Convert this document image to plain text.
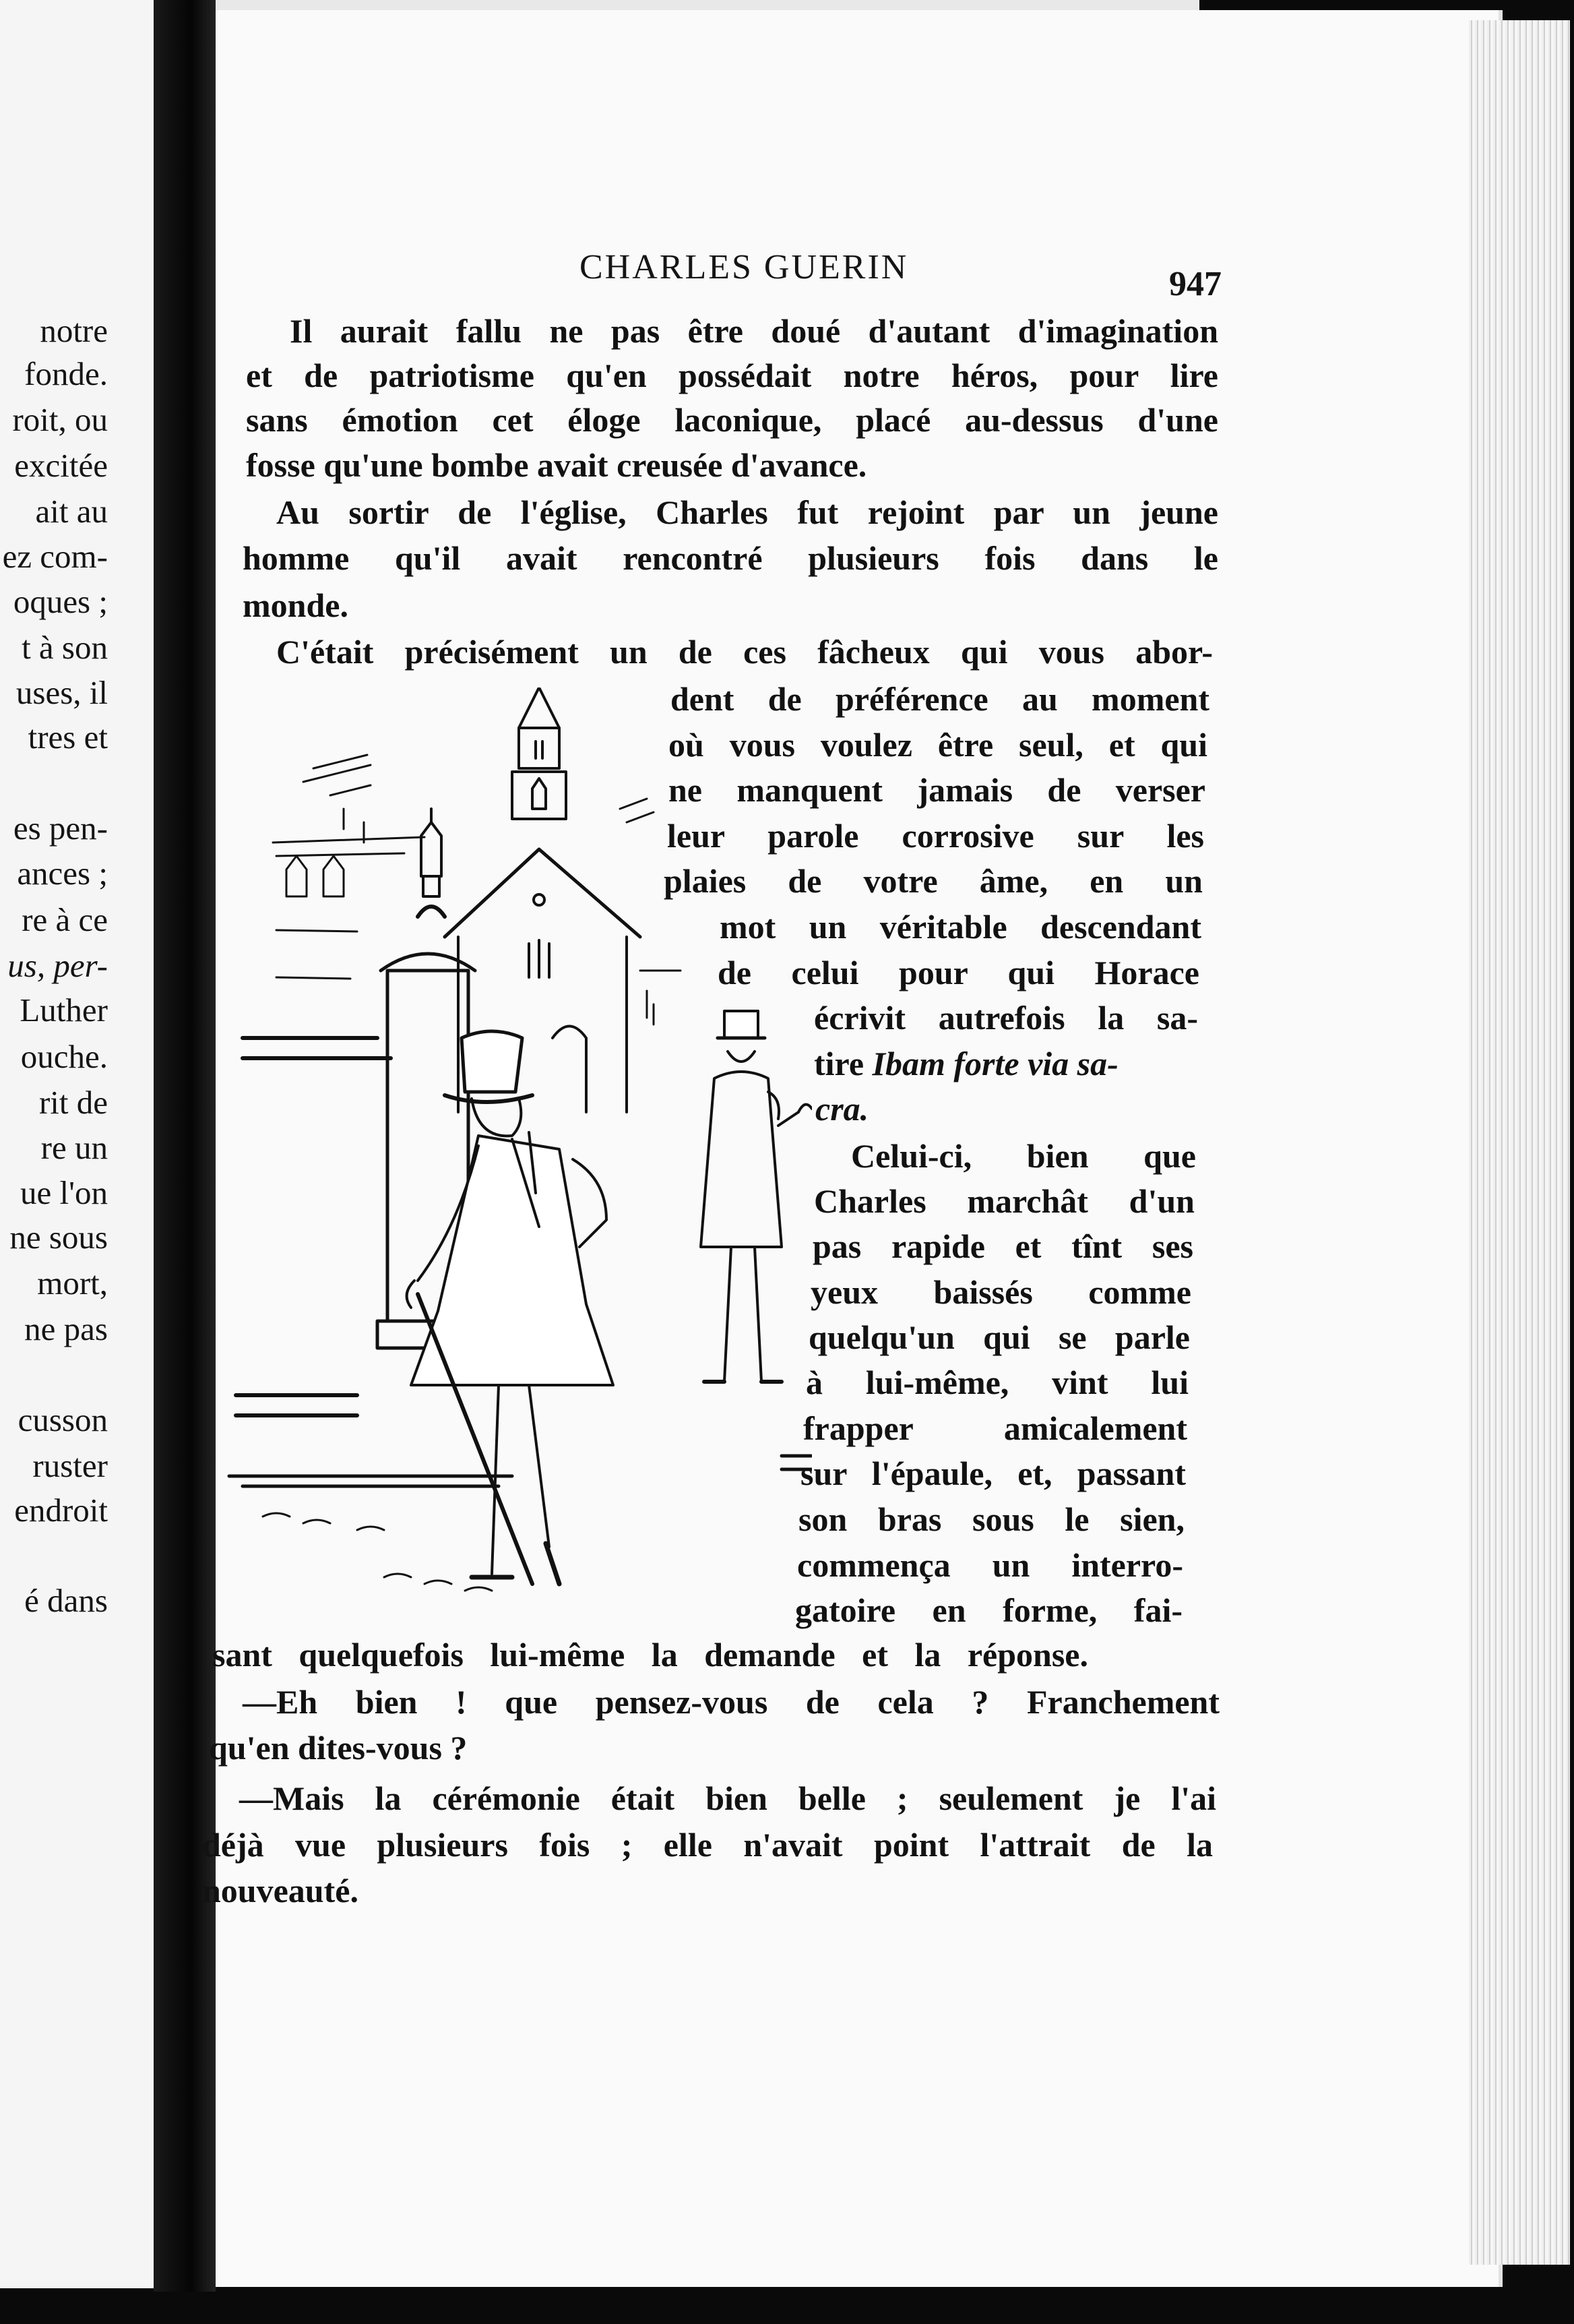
notre
fonde.
roit, ou
excitée
ait au
ez com-
oques ;
t à son
uses, il
tres et
es pen-
ances ;
re à ce
us, per-
Luther
ouche.
rit de
re un
ue l'on
ne sous
mort,
ne pas
cusson
ruster
endroit
é dans
CHARLES GUERIN	947
Il aurait fallu ne pas être doué d'autant d'imagination
et de patriotisme qu'en possédait notre héros, pour lire
sans émotion cet éloge laconique, placé au-dessus d'une
fosse qu'une bombe avait creusée d'avance.
Au sortir de l'église, Charles fut rejoint par un jeune
homme qu'il avait rencontré plusieurs fois dans le
monde.
C'était précisément un de ces fâcheux qui vous abor-
dent de préférence au moment
où vous voulez être seul, et qui
ne manquent jamais de verser
leur parole corrosive sur les
plaies de votre âme, en un
mot un véritable descendant
de celui pour qui Horace
écrivit autrefois la sa-
tire Ibam forte via sa-
cra.
Celui-ci, bien que
Charles marchât d'un
pas rapide et tînt ses
yeux baissés comme
quelqu'un qui se parle
à lui-même, vint lui
frapper amicalement
sur l'épaule, et, passant
son bras sous le sien,
commença un interro-
gatoire en forme, fai-
sant quelquefois lui-même la demande et la réponse.
—Eh bien ! que pensez-vous de cela ? Franchement
qu'en dites-vous ?
—Mais la cérémonie était bien belle ; seulement je l'ai
déjà vue plusieurs fois ; elle n'avait point l'attrait de la
nouveauté.
